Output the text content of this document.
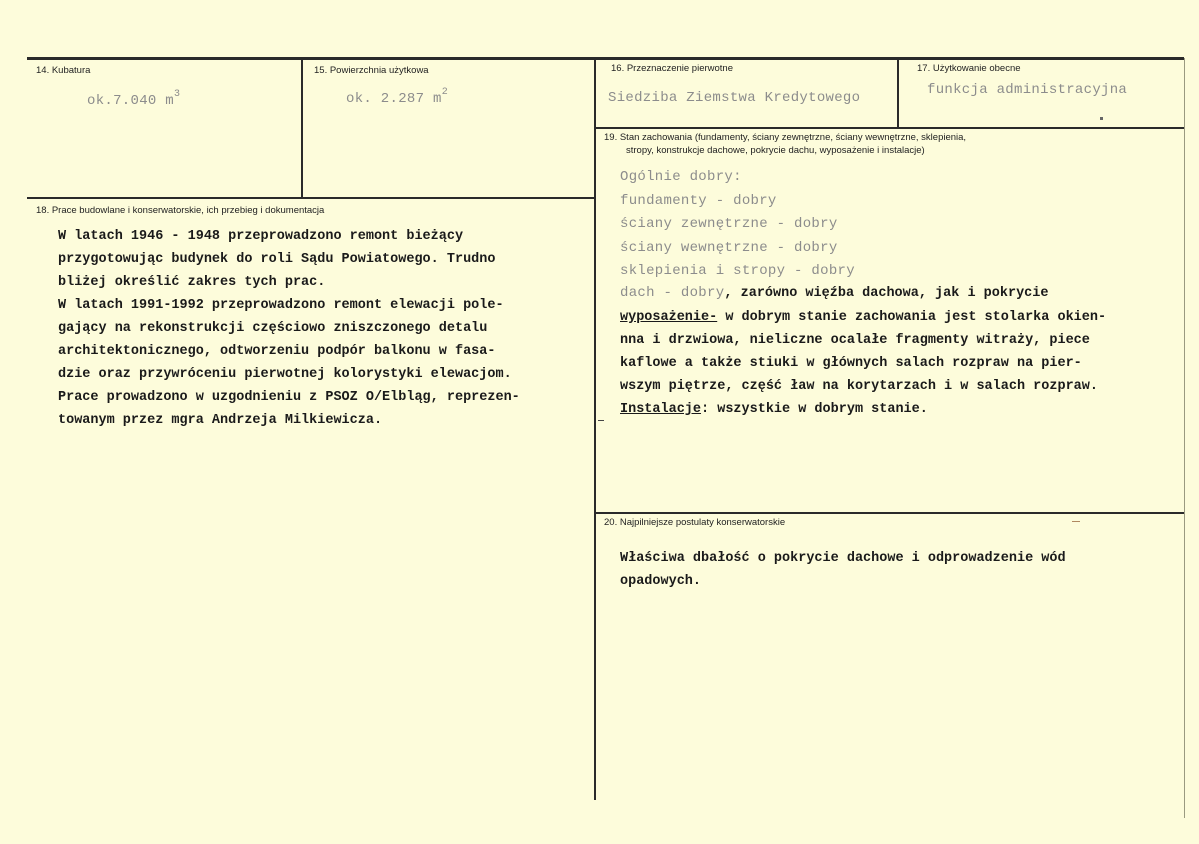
14. Kubatura
ok.7.040 $m^3$
15. Powierzchnia użytkowa
ok. 2.287 $m^2$
16. Przeznaczenie pierwotne
Siedziba Ziemstwa Kredytowego
17. Użytkowanie obecne
funkcja administracyjna
18. Prace budowlane i konserwatorskie, ich przebieg i dokumentacja
W latach 1946 - 1948 przeprowadzono remont bieżący
przygotowując budynek do roli Sądu Powiatowego. Trudno
bliżej określić zakres tych prac.
W latach 1991-1992 przeprowadzono remont elewacji pole-
gający na rekonstrukcji częściowo zniszczonego detalu
architektonicznego, odtworzeniu podpór balkonu w fasa-
dzie oraz przywróceniu pierwotnej kolorystyki elewacjom.
Prace prowadzono w uzgodnieniu z PSOZ O/Elbląg, reprezen-
towanym przez mgra Andrzeja Milkiewicza.
19. Stan zachowania (fundamenty, ściany zewnętrzne, ściany wewnętrzne, sklepienia,
stropy, konstrukcje dachowe, pokrycie dachu, wyposażenie i instalacje)
Ogólnie dobry:
fundamenty - dobry
ściany zewnętrzne - dobry
ściany wewnętrzne - dobry
sklepienia i stropy - dobry
dach - dobry, zarówno więźba dachowa, jak i pokrycie
wyposażenie- w dobrym stanie zachowania jest stolarka okien-
nna i drzwiowa, nieliczne ocalałe fragmenty witraży, piece
kaflowe a także stiuki w głównych salach rozpraw na pier-
wszym piętrze, część ław na korytarzach i w salach rozpraw.
Instalacje: wszystkie w dobrym stanie.
20. Najpilniejsze postulaty konserwatorskie
Właściwa dbałość o pokrycie dachowe i odprowadzenie wód
opadowych.
